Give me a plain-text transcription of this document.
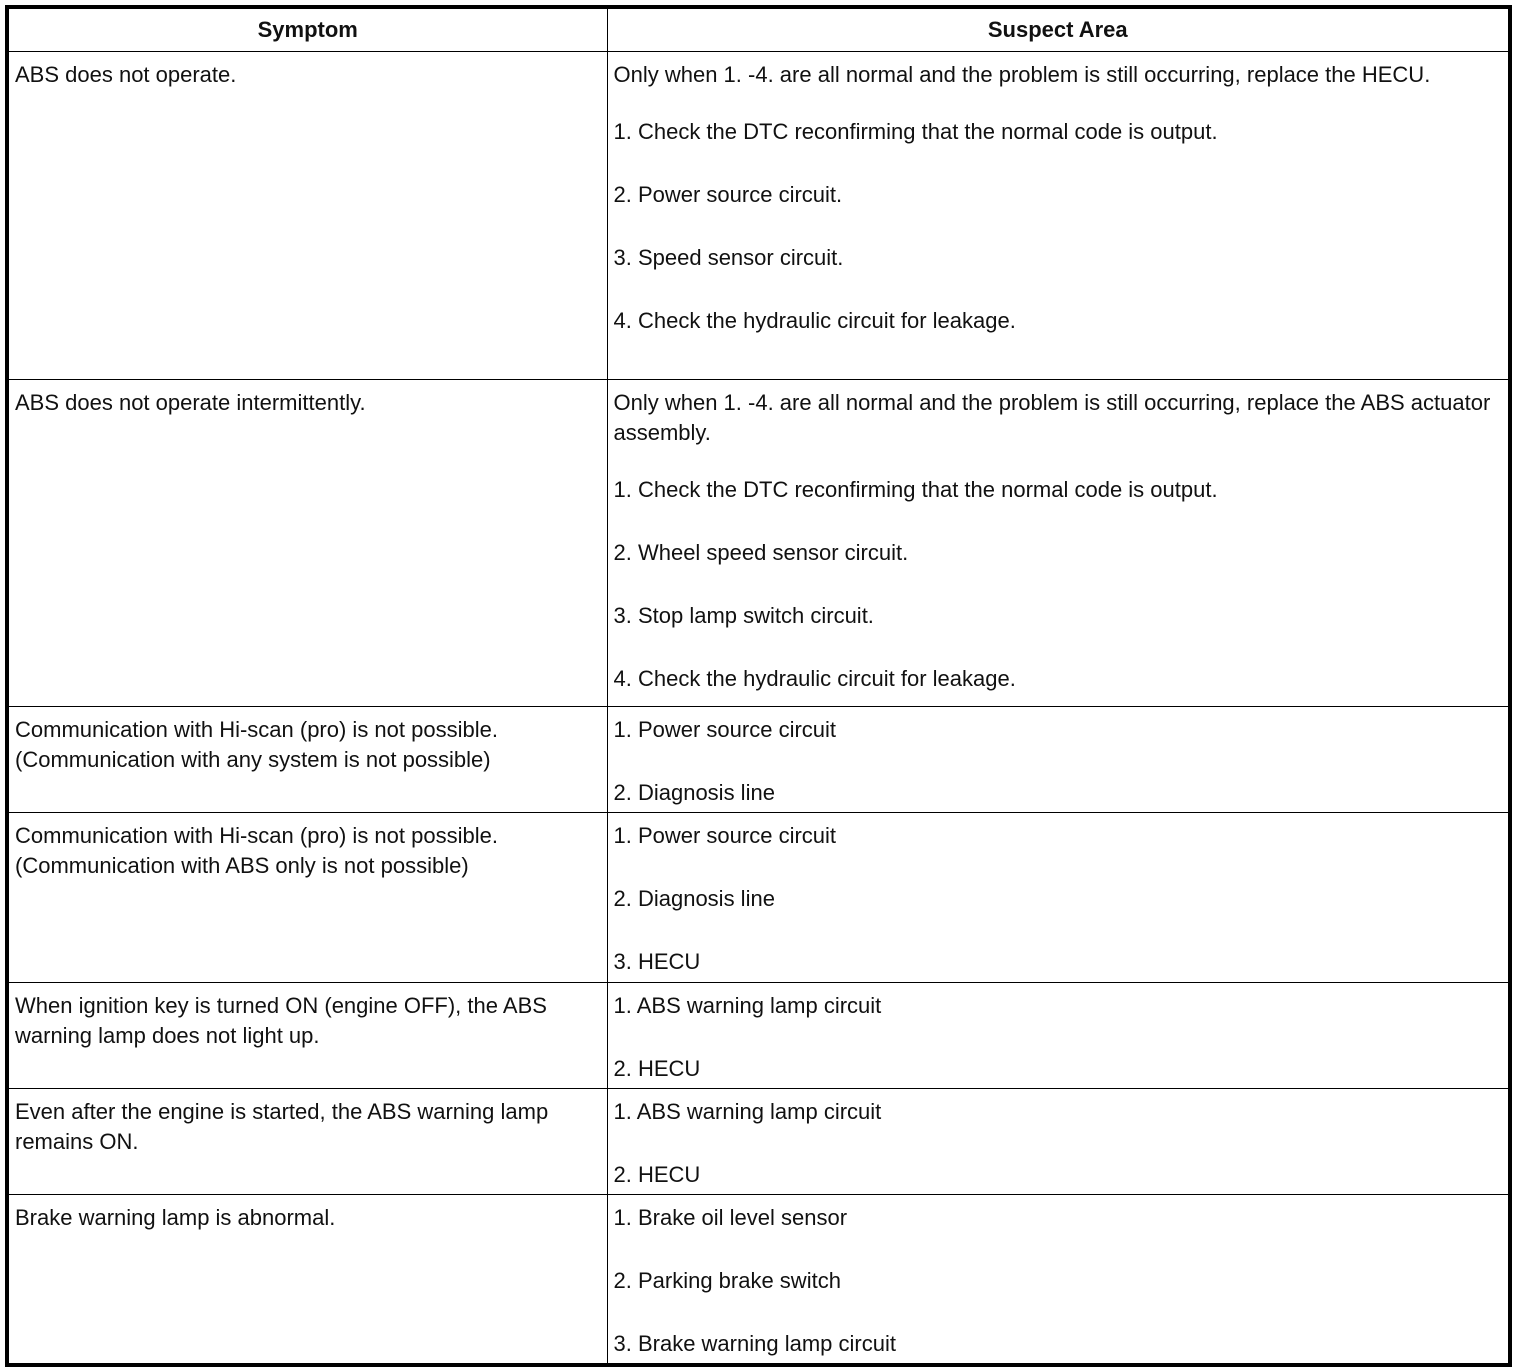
Symptom	Suspect Area
ABS does not operate.	Only when 1. -4. are all normal and the problem is still occurring, replace the HECU.

1. Check the DTC reconfirming that the normal code is output.

2. Power source circuit.

3. Speed sensor circuit.

4. Check the hydraulic circuit for leakage.

ABS does not operate intermittently.	Only when 1. -4. are all normal and the problem is still occurring, replace the ABS actuator assembly.

1. Check the DTC reconfirming that the normal code is output.

2. Wheel speed sensor circuit.

3. Stop lamp switch circuit.

4. Check the hydraulic circuit for leakage.

Communication with Hi-scan (pro) is not possible. (Communication with any system is not possible)	1. Power source circuit

2. Diagnosis line

Communication with Hi-scan (pro) is not possible. (Communication with ABS only is not possible)	1. Power source circuit

2. Diagnosis line

3. HECU

When ignition key is turned ON (engine OFF), the ABS warning lamp does not light up.	1. ABS warning lamp circuit

2. HECU

Even after the engine is started, the ABS warning lamp remains ON.	1. ABS warning lamp circuit

2. HECU

Brake warning lamp is abnormal.	1. Brake oil level sensor

2. Parking brake switch

3. Brake warning lamp circuit
